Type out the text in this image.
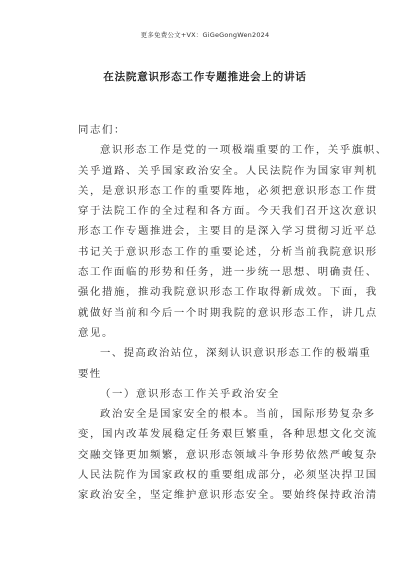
更多免费公文+VX：GiGeGongWen2024
在法院意识形态工作专题推进会上的讲话
同志们：
意识形态工作是党的一项极端重要的工作，关乎旗帜、
关乎道路、关乎国家政治安全。人民法院作为国家审判机
关，是意识形态工作的重要阵地，必须把意识形态工作贯
穿于法院工作的全过程和各方面。今天我们召开这次意识
形态工作专题推进会，主要目的是深入学习贯彻习近平总
书记关于意识形态工作的重要论述，分析当前我院意识形
态工作面临的形势和任务，进一步统一思想、明确责任、
强化措施，推动我院意识形态工作取得新成效。下面，我
就做好当前和今后一个时期我院的意识形态工作，讲几点
意见。
一、提高政治站位，深刻认识意识形态工作的极端重
要性
（一）意识形态工作关乎政治安全
政治安全是国家安全的根本。当前，国际形势复杂多
变，国内改革发展稳定任务艰巨繁重，各种思想文化交流
交融交锋更加频繁，意识形态领域斗争形势依然严峻复杂
人民法院作为国家政权的重要组成部分，必须坚决捍卫国
家政治安全，坚定维护意识形态安全。要始终保持政治清
